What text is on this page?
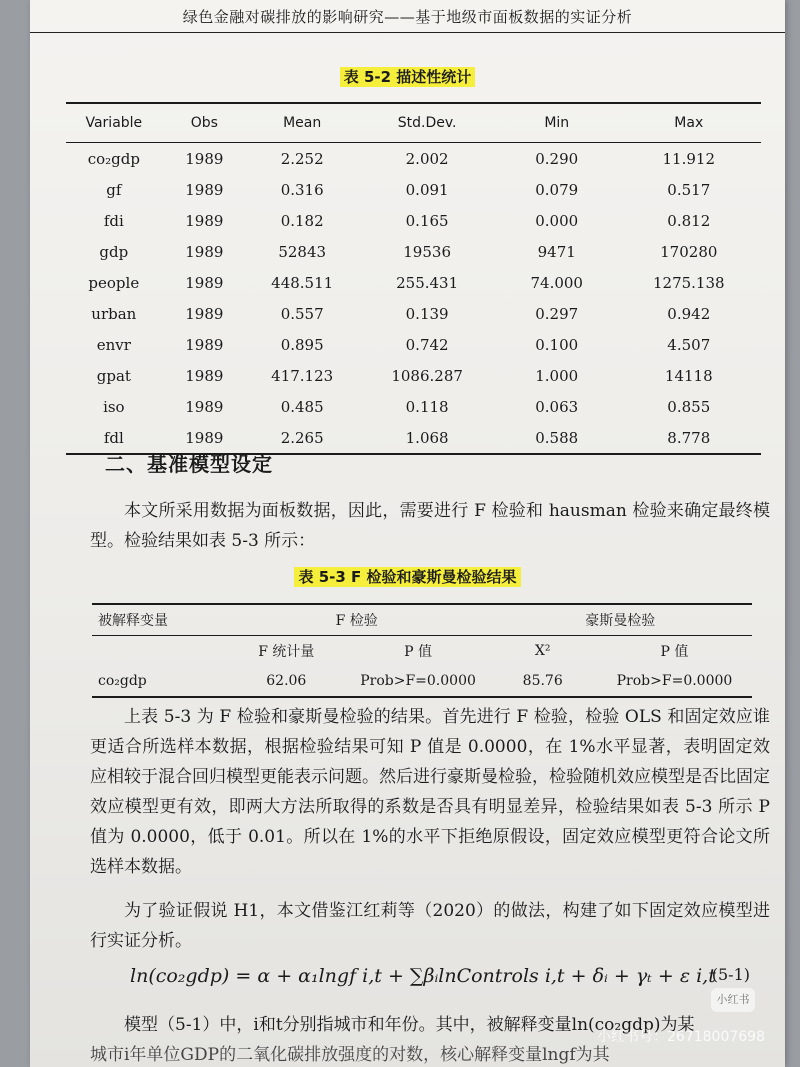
绿色金融对碳排放的影响研究——基于地级市面板数据的实证分析
表 5-2 描述性统计
Variable	Obs	Mean	Std.Dev.	Min	Max
co₂gdp	1989	2.252	2.002	0.290	11.912
gf	1989	0.316	0.091	0.079	0.517
fdi	1989	0.182	0.165	0.000	0.812
gdp	1989	52843	19536	9471	170280
people	1989	448.511	255.431	74.000	1275.138
urban	1989	0.557	0.139	0.297	0.942
envr	1989	0.895	0.742	0.100	4.507
gpat	1989	417.123	1086.287	1.000	14118
iso	1989	0.485	0.118	0.063	0.855
fdl	1989	2.265	1.068	0.588	8.778
二、基准模型设定
本文所采用数据为面板数据，因此，需要进行 F 检验和 hausman 检验来确定最终模型。检验结果如表 5-3 所示：
表 5-3 F 检验和豪斯曼检验结果
被解释变量	F 检验		豪斯曼检验	
	F 统计量	P 值	X²	P 值
co₂gdp	62.06	Prob>F=0.0000	85.76	Prob>F=0.0000
上表 5-3 为 F 检验和豪斯曼检验的结果。首先进行 F 检验，检验 OLS 和固定效应谁更适合所选样本数据，根据检验结果可知 P 值是 0.0000，在 1%水平显著，表明固定效应相较于混合回归模型更能表示问题。然后进行豪斯曼检验，检验随机效应模型是否比固定效应模型更有效，即两大方法所取得的系数是否具有明显差异，检验结果如表 5-3 所示 P 值为 0.0000，低于 0.01。所以在 1%的水平下拒绝原假设，固定效应模型更符合论文所选样本数据。
为了验证假说 H1，本文借鉴江红莉等（2020）的做法，构建了如下固定效应模型进行实证分析。
ln(co₂gdp) = α + α₁lngf i,t + ∑βᵢlnControls i,t + δᵢ + γₜ + ε i,t
(5-1)
模型（5-1）中，i和t分别指城市和年份。其中，被解释变量ln(co₂gdp)为某
城市i年单位GDP的二氧化碳排放强度的对数，核心解释变量lngf为其
小红书
小红书号：26718007698
